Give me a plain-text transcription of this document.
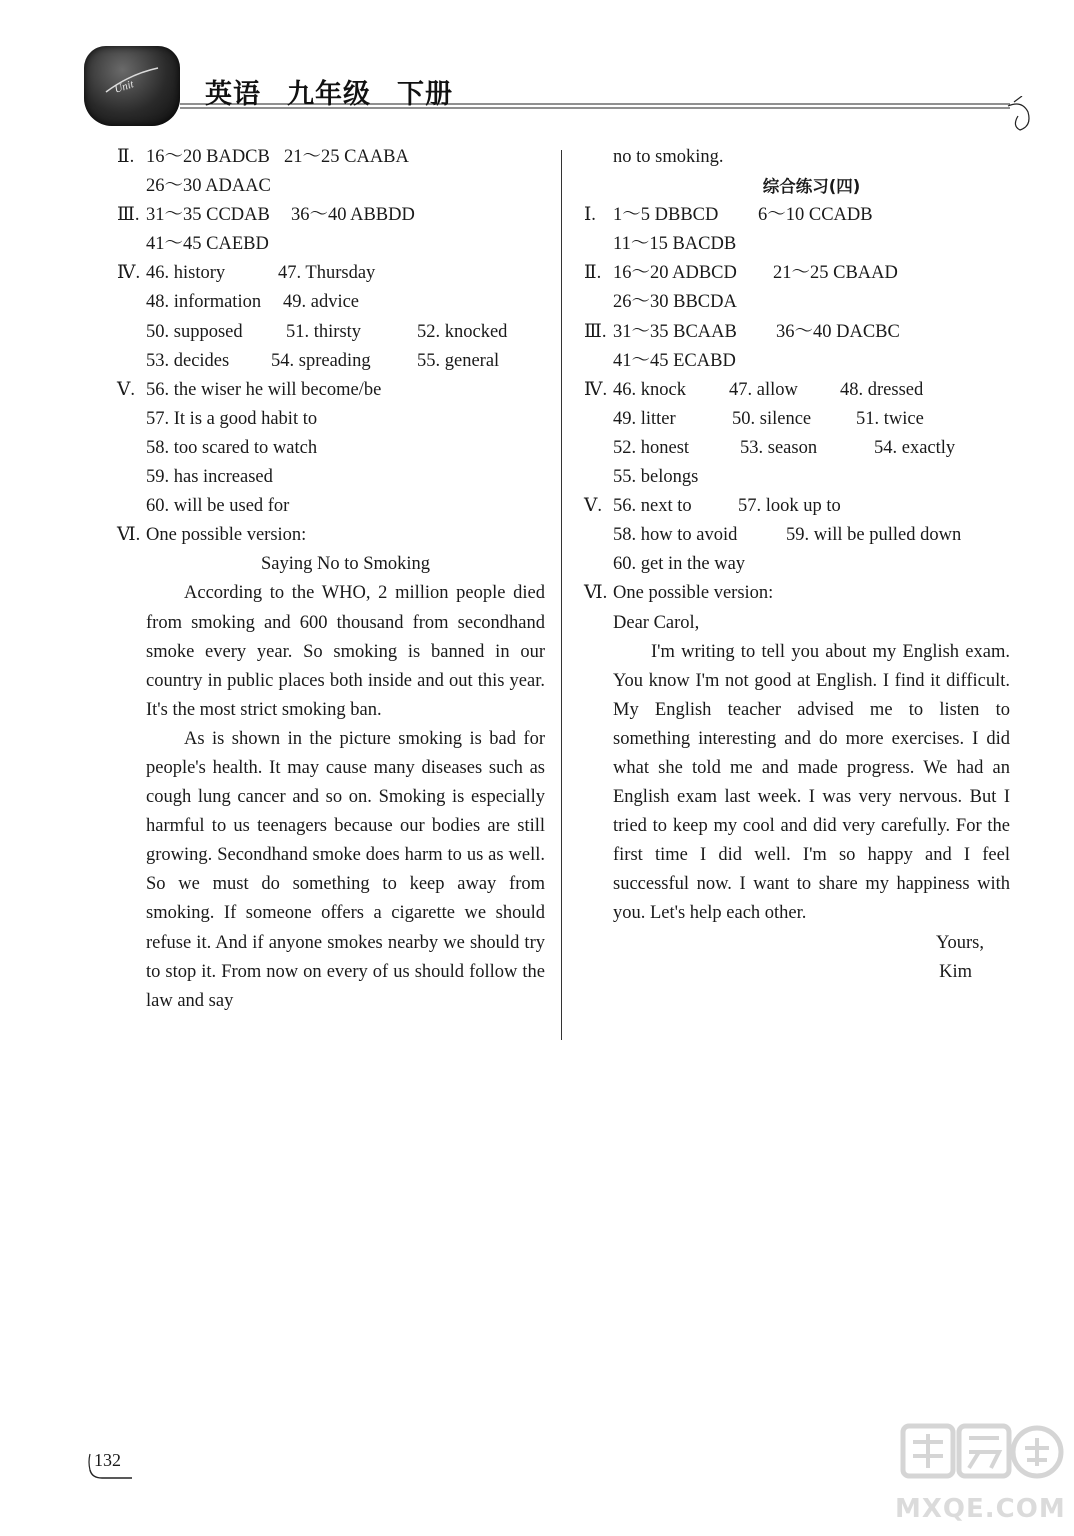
Unit	英语 九年级 下册
Ⅱ. 16～20 BADCB 21～25 CAABA
26～30 ADAAC
Ⅲ. 31～35 CCDAB 36～40 ABBDD
41～45 CAEBD
Ⅳ. 46. history	47. Thursday
48. information 49. advice
50. supposed 51. thirsty	52. knocked
53. decides 54. spreading	55. general
Ⅴ. 56. the wiser he will become/be
57. It is a good habit to
58. too scared to watch
59. has increased
60. will be used for
Ⅵ. One possible version:
Saying No to Smoking

According to the WHO, 2 million people died from smoking and 600 thousand from secondhand smoke every year. So smoking is banned in our country in public places both inside and out this year. It's the most strict smoking ban.

As is shown in the picture smoking is bad for people's health. It may cause many diseases such as cough lung cancer and so on. Smoking is especially harmful to us teenagers because our bodies are still growing. Secondhand smoke does harm to us as well. So we must do something to keep away from smoking. If someone offers a cigarette we should refuse it. And if anyone smokes nearby we should try to stop it. From now on every of us should follow the law and say

no to smoking.
综合练习(四)
Ⅰ. 1～5 DBBCD 6～10 CCADB
11～15 BACDB
Ⅱ. 16～20 ADBCD 21～25 CBAAD
26～30 BBCDA
Ⅲ. 31～35 BCAAB 36～40 DACBC
41～45 ECABD
Ⅳ. 46. knock 47. allow 48. dressed
49. litter	50. silence 51. twice
52. honest	53. season	54. exactly
55. belongs
Ⅴ. 56. next to	57. look up to
58. how to avoid	59. will be pulled down
60. get in the way
Ⅵ. One possible version:
Dear Carol,

I'm writing to tell you about my English exam. You know I'm not good at English. I find it difficult. My English teacher advised me to listen to something interesting and do more exercises. I did what she told me and made progress. We had an English exam last week. I was very nervous. But I tried to keep my cool and did very carefully. For the first time I did well. I'm so happy and I feel successful now. I want to share my happiness with you. Let's help each other.

Yours,
Kim
132
MXQE.COM
